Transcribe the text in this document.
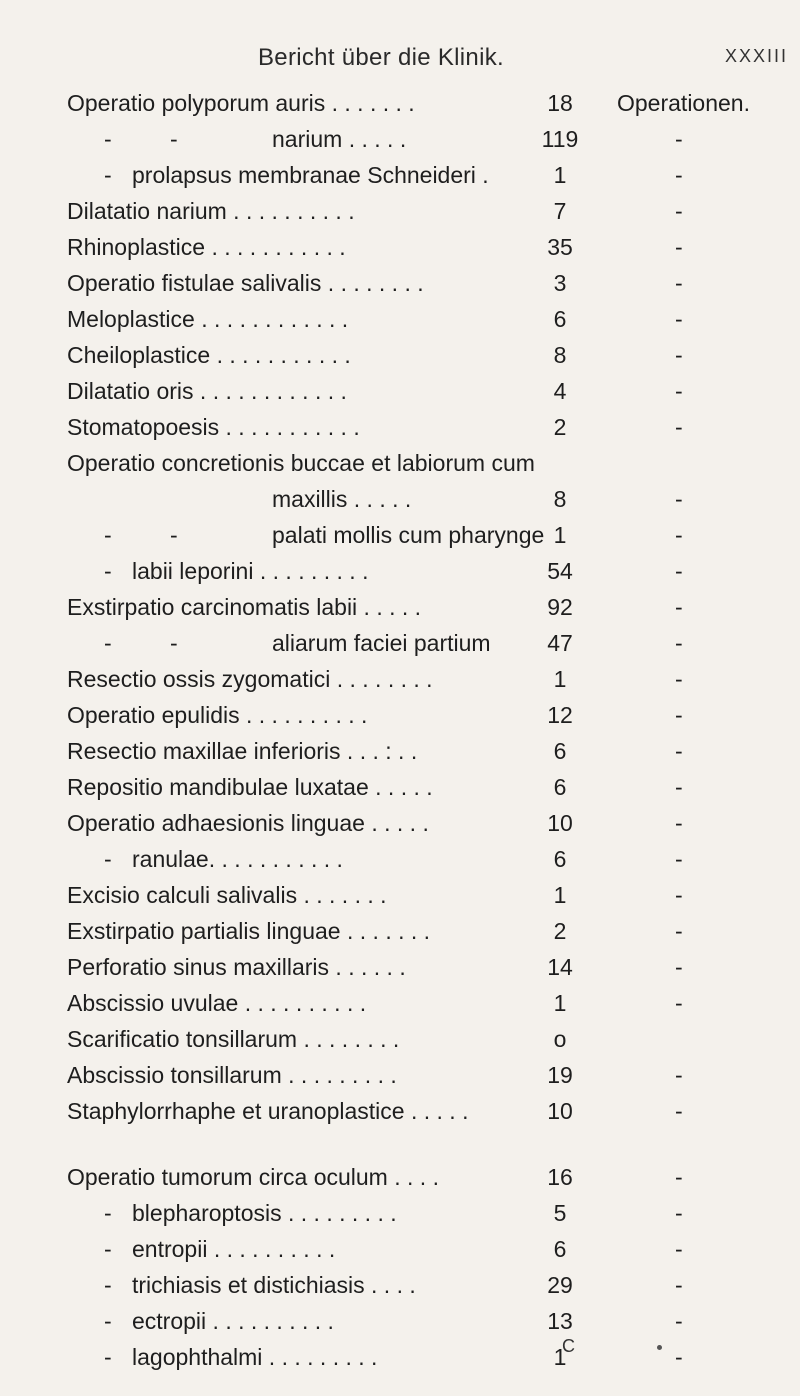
Bericht über die Klinik.	XXXIII
Operatio polyporum auris . . . . . . .	18	Operationen.
-	-	narium . . . . .	119	-
- prolapsus membranae Schneideri .	1	-
Dilatatio narium . . . . . . . . . .	7	-
Rhinoplastice . . . . . . . . . . .	35	-
Operatio fistulae salivalis . . . . . . . .	3	-
Meloplastice . . . . . . . . . . . .	6	-
Cheiloplastice . . . . . . . . . . .	8	-
Dilatatio oris . . . . . . . . . . . .	4	-
Stomatopoesis . . . . . . . . . . .	2	-
Operatio concretionis buccae et labiorum cum
maxillis . . . . .	8	-
-	-	palati mollis cum pharynge 1	-
- labii leporini . . . . . . . . .	54	-
Exstirpatio carcinomatis labii . . . . .	92	-
-	-	aliarum faciei partium	47	-
Resectio ossis zygomatici . . . . . . . .	1	-
Operatio epulidis . . . . . . . . . .	12	-
Resectio maxillae inferioris . . . : . .	6	-
Repositio mandibulae luxatae . . . . .	6	-
Operatio adhaesionis linguae . . . . .	10	-
- ranulae. . . . . . . . . . .	6	-
Excisio calculi salivalis . . . . . . .	1	-
Exstirpatio partialis linguae . . . . . . .	2	-
Perforatio sinus maxillaris . . . . . .	14	-
Abscissio uvulae . . . . . . . . . .	1	-
Scarificatio tonsillarum . . . . . . . .	o
Abscissio tonsillarum . . . . . . . . .	19	-
Staphylorrhaphe et uranoplastice . . . . .	10	-
Operatio tumorum circa oculum . . . .	16	-
- blepharoptosis . . . . . . . . .	5	-
- entropii . . . . . . . . . .	6	-
- trichiasis et distichiasis . . . .	29	-
- ectropii . . . . . . . . . .	13	-
- lagophthalmi . . . . . . . . .	1	-
C
